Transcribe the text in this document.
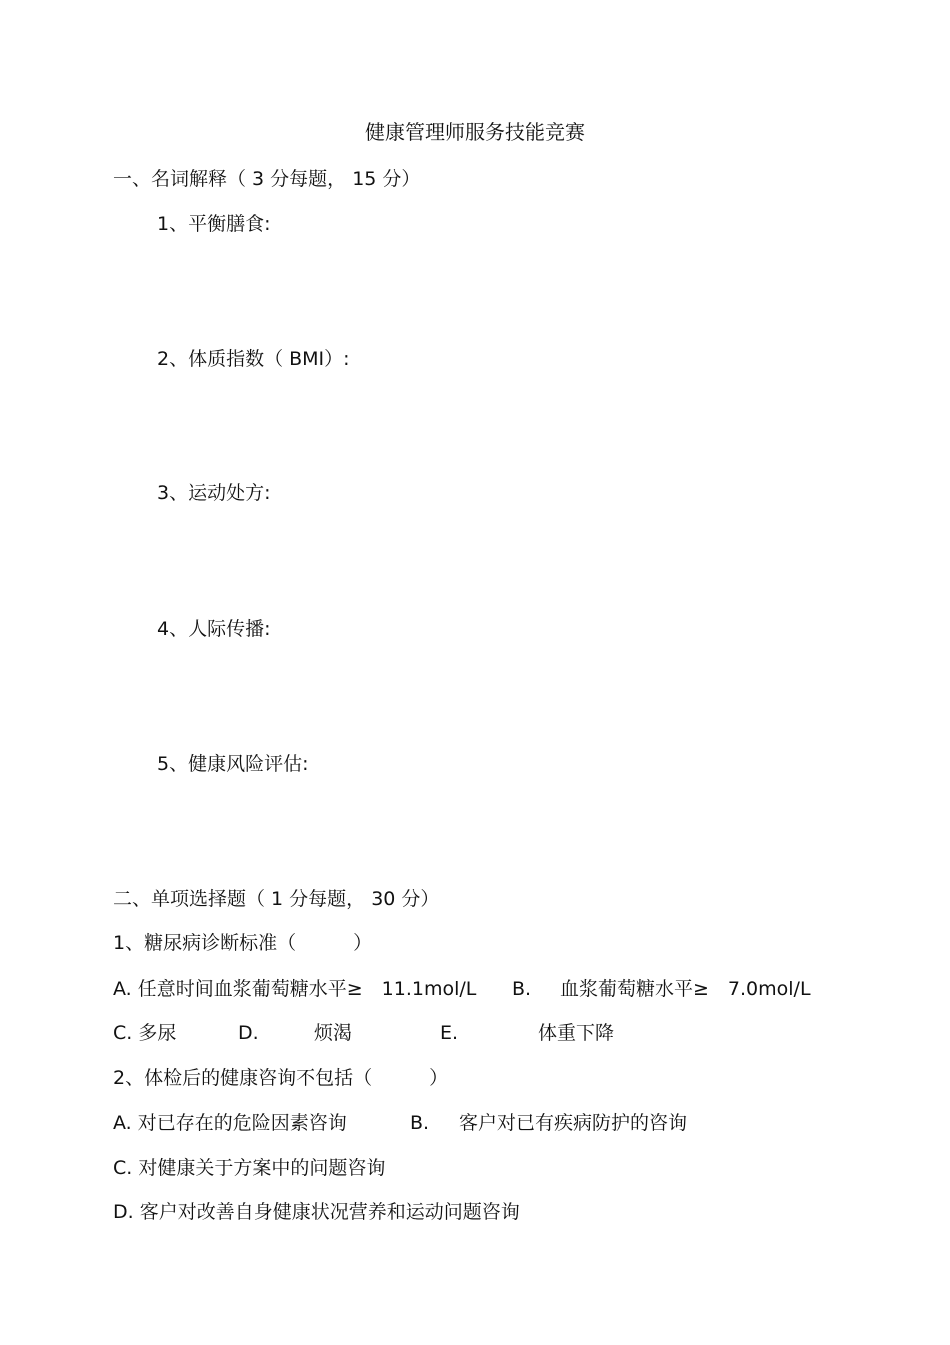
健康管理师服务技能竞赛
一、名词解释（ 3 分每题， 15 分）
1、平衡膳食:
2、体质指数（ BMI）:
3、运动处方:
4、人际传播:
5、健康风险评估:
二、单项选择题（ 1 分每题， 30 分）
1、糖尿病诊断标准（　　　）
A. 任意时间血浆葡萄糖水平≥　11.1mol/L B. 血浆葡萄糖水平≥　7.0mol/L
C. 多尿	D.	烦渴	E.	体重下降
2、体检后的健康咨询不包括（　　　）
A. 对已存在的危险因素咨询	B. 客户对已有疾病防护的咨询
C. 对健康关于方案中的问题咨询
D. 客户对改善自身健康状况营养和运动问题咨询
